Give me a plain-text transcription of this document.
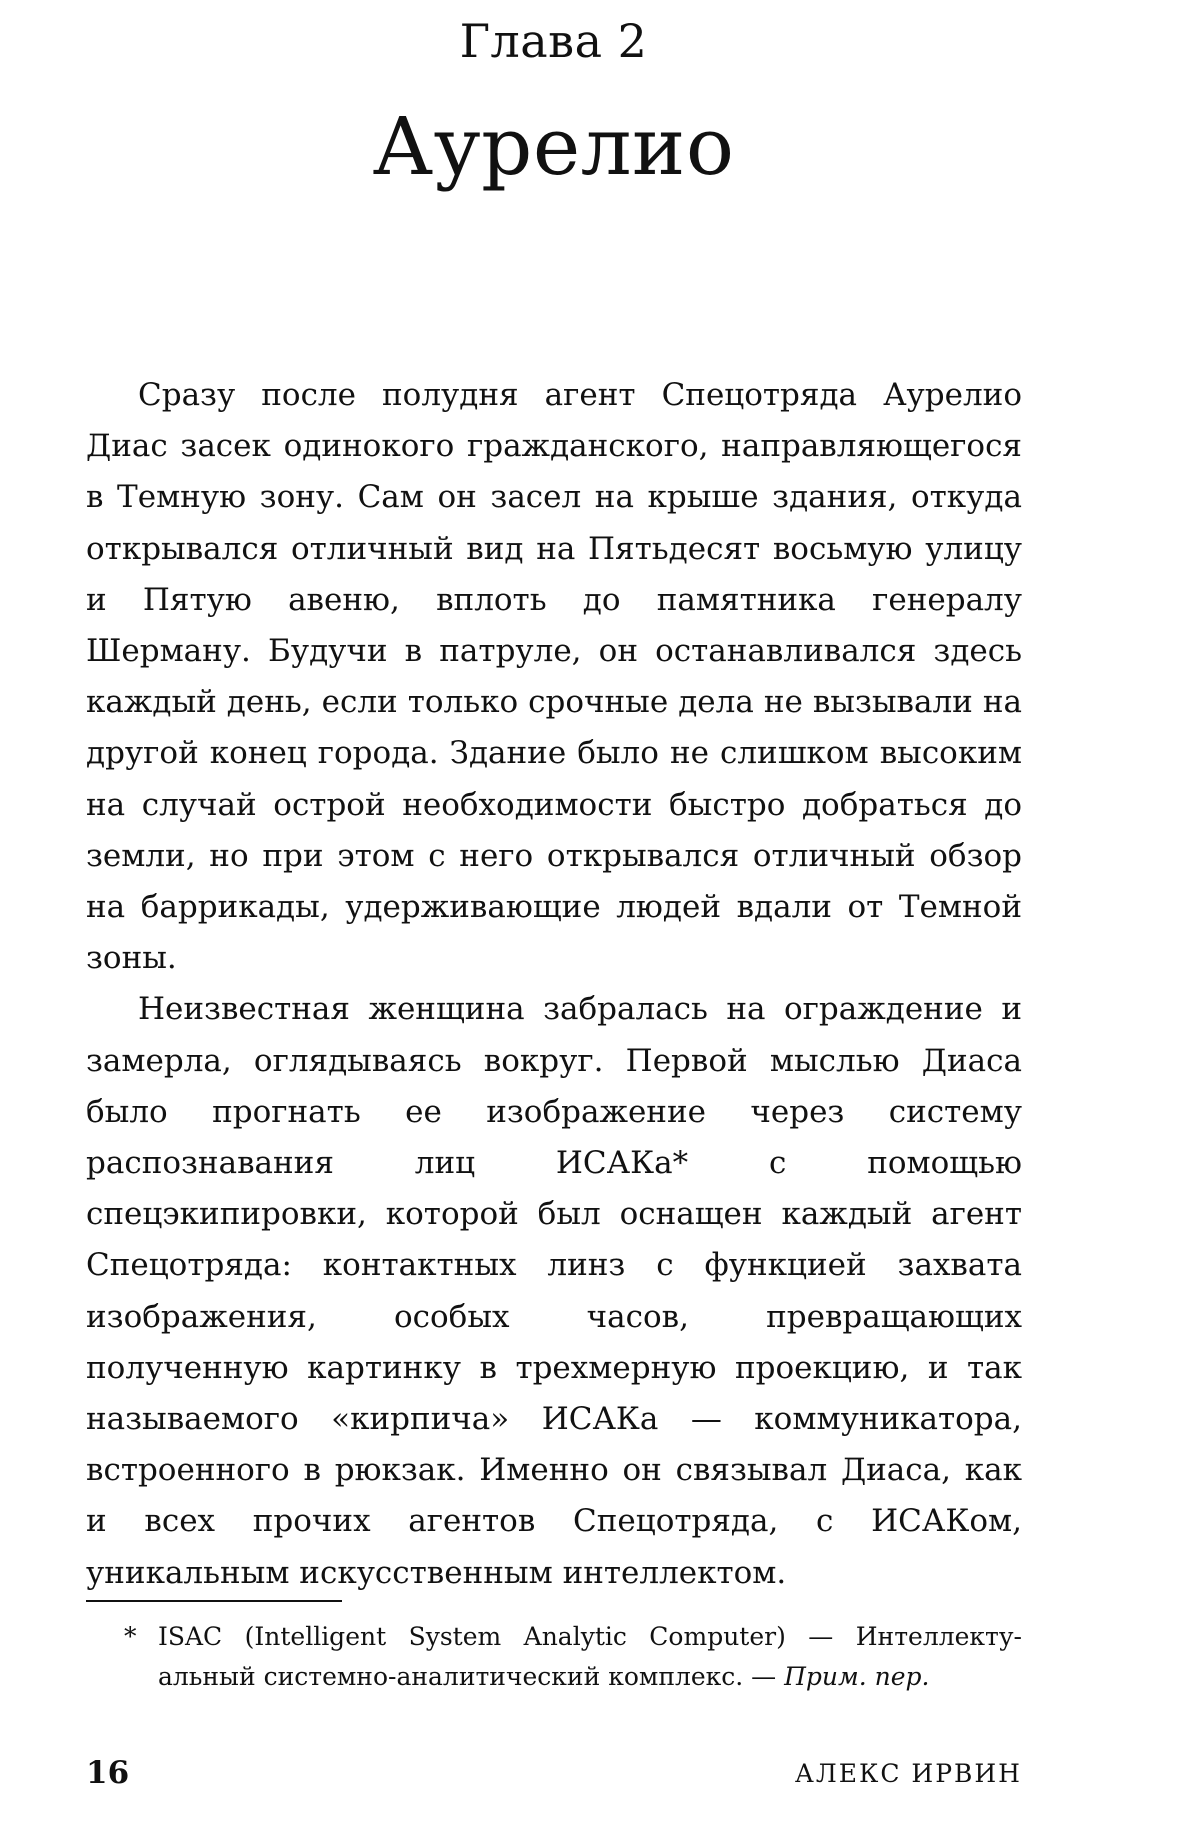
Глава 2
Аурелио

Сразу после полудня агент Спецотряда Аурелио Диас засек одинокого гражданского, направляющегося в Темную зону. Сам он засел на крыше здания, откуда открывался отличный вид на Пятьдесят восьмую улицу и Пятую авеню, вплоть до памятника генералу Шерману. Будучи в патруле, он останавливался здесь каждый день, если только срочные дела не вызывали на другой конец города. Здание было не слишком высоким на случай острой необходимости быстро добраться до земли, но при этом с него открывался отличный обзор на баррикады, удерживающие людей вдали от Темной зоны.

Неизвестная женщина забралась на ограждение и замерла, оглядываясь вокруг. Первой мыслью Диаса было прогнать ее изображение через систему распознавания лиц ИСАКа* с помощью спецэкипировки, которой был оснащен каждый агент Спецотряда: контактных линз с функцией захвата изображения, особых часов, превращающих полученную картинку в трехмерную проекцию, и так называемого «кирпича» ИСАКа — коммуникатора, встроенного в рюкзак. Именно он связывал Диаса, как и всех прочих агентов Спецотряда, с ИСАКом, уникальным искусственным интеллектом.

* ISAC (Intelligent System Analytic Computer) — Интеллектуальный системно-аналитический комплекс. — Прим. пер.
16	АЛЕКС ИРВИН
